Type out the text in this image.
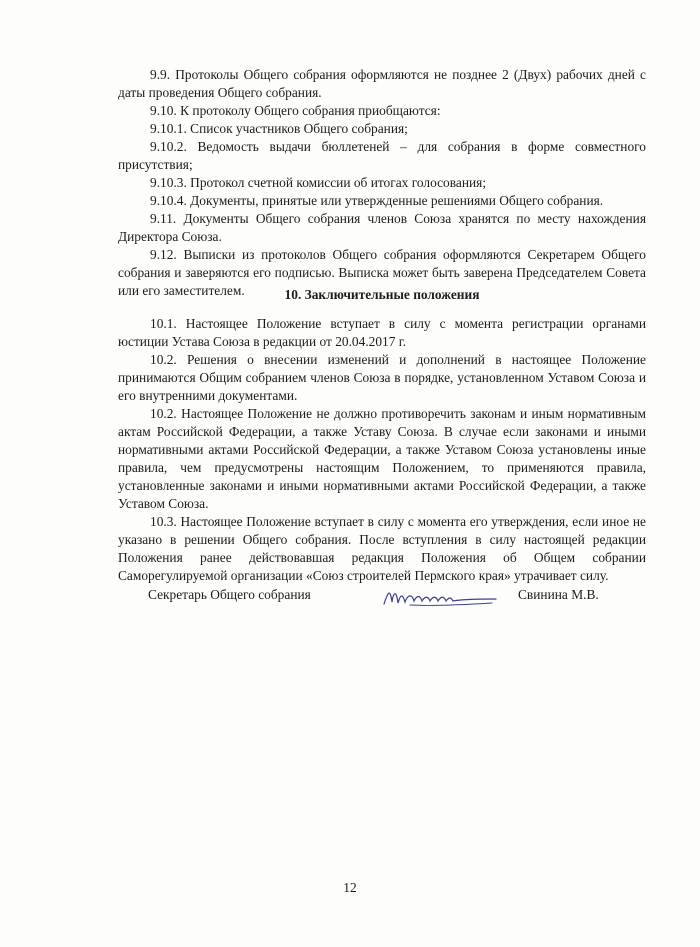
9.9. Протоколы Общего собрания оформляются не позднее 2 (Двух) рабочих дней с даты проведения Общего собрания.

9.10. К протоколу Общего собрания приобщаются:

9.10.1. Список участников Общего собрания;

9.10.2. Ведомость выдачи бюллетеней – для собрания в форме совместного присутствия;

9.10.3. Протокол счетной комиссии об итогах голосования;

9.10.4. Документы, принятые или утвержденные решениями Общего собрания.

9.11. Документы Общего собрания членов Союза хранятся по месту нахождения Директора Союза.

9.12. Выписки из протоколов Общего собрания оформляются Секретарем Общего собрания и заверяются его подписью. Выписка может быть заверена Председателем Совета или его заместителем.	10. Заключительные положения

10.1. Настоящее Положение вступает в силу с момента регистрации органами юстиции Устава Союза в редакции от 20.04.2017 г.

10.2. Решения о внесении изменений и дополнений в настоящее Положение принимаются Общим собранием членов Союза в порядке, установленном Уставом Союза и его внутренними документами.

10.2. Настоящее Положение не должно противоречить законам и иным нормативным актам Российской Федерации, а также Уставу Союза. В случае если законами и иными нормативными актами Российской Федерации, а также Уставом Союза установлены иные правила, чем предусмотрены настоящим Положением, то применяются правила, установленные законами и иными нормативными актами Российской Федерации, а также Уставом Союза.

10.3. Настоящее Положение вступает в силу с момента его утверждения, если иное не указано в решении Общего собрания. После вступления в силу настоящей редакции Положения ранее действовавшая редакция Положения об Общем собрании Саморегулируемой организации «Союз строителей Пермского края» утрачивает силу.

Секретарь Общего собрания	Свинина М.В.
12
